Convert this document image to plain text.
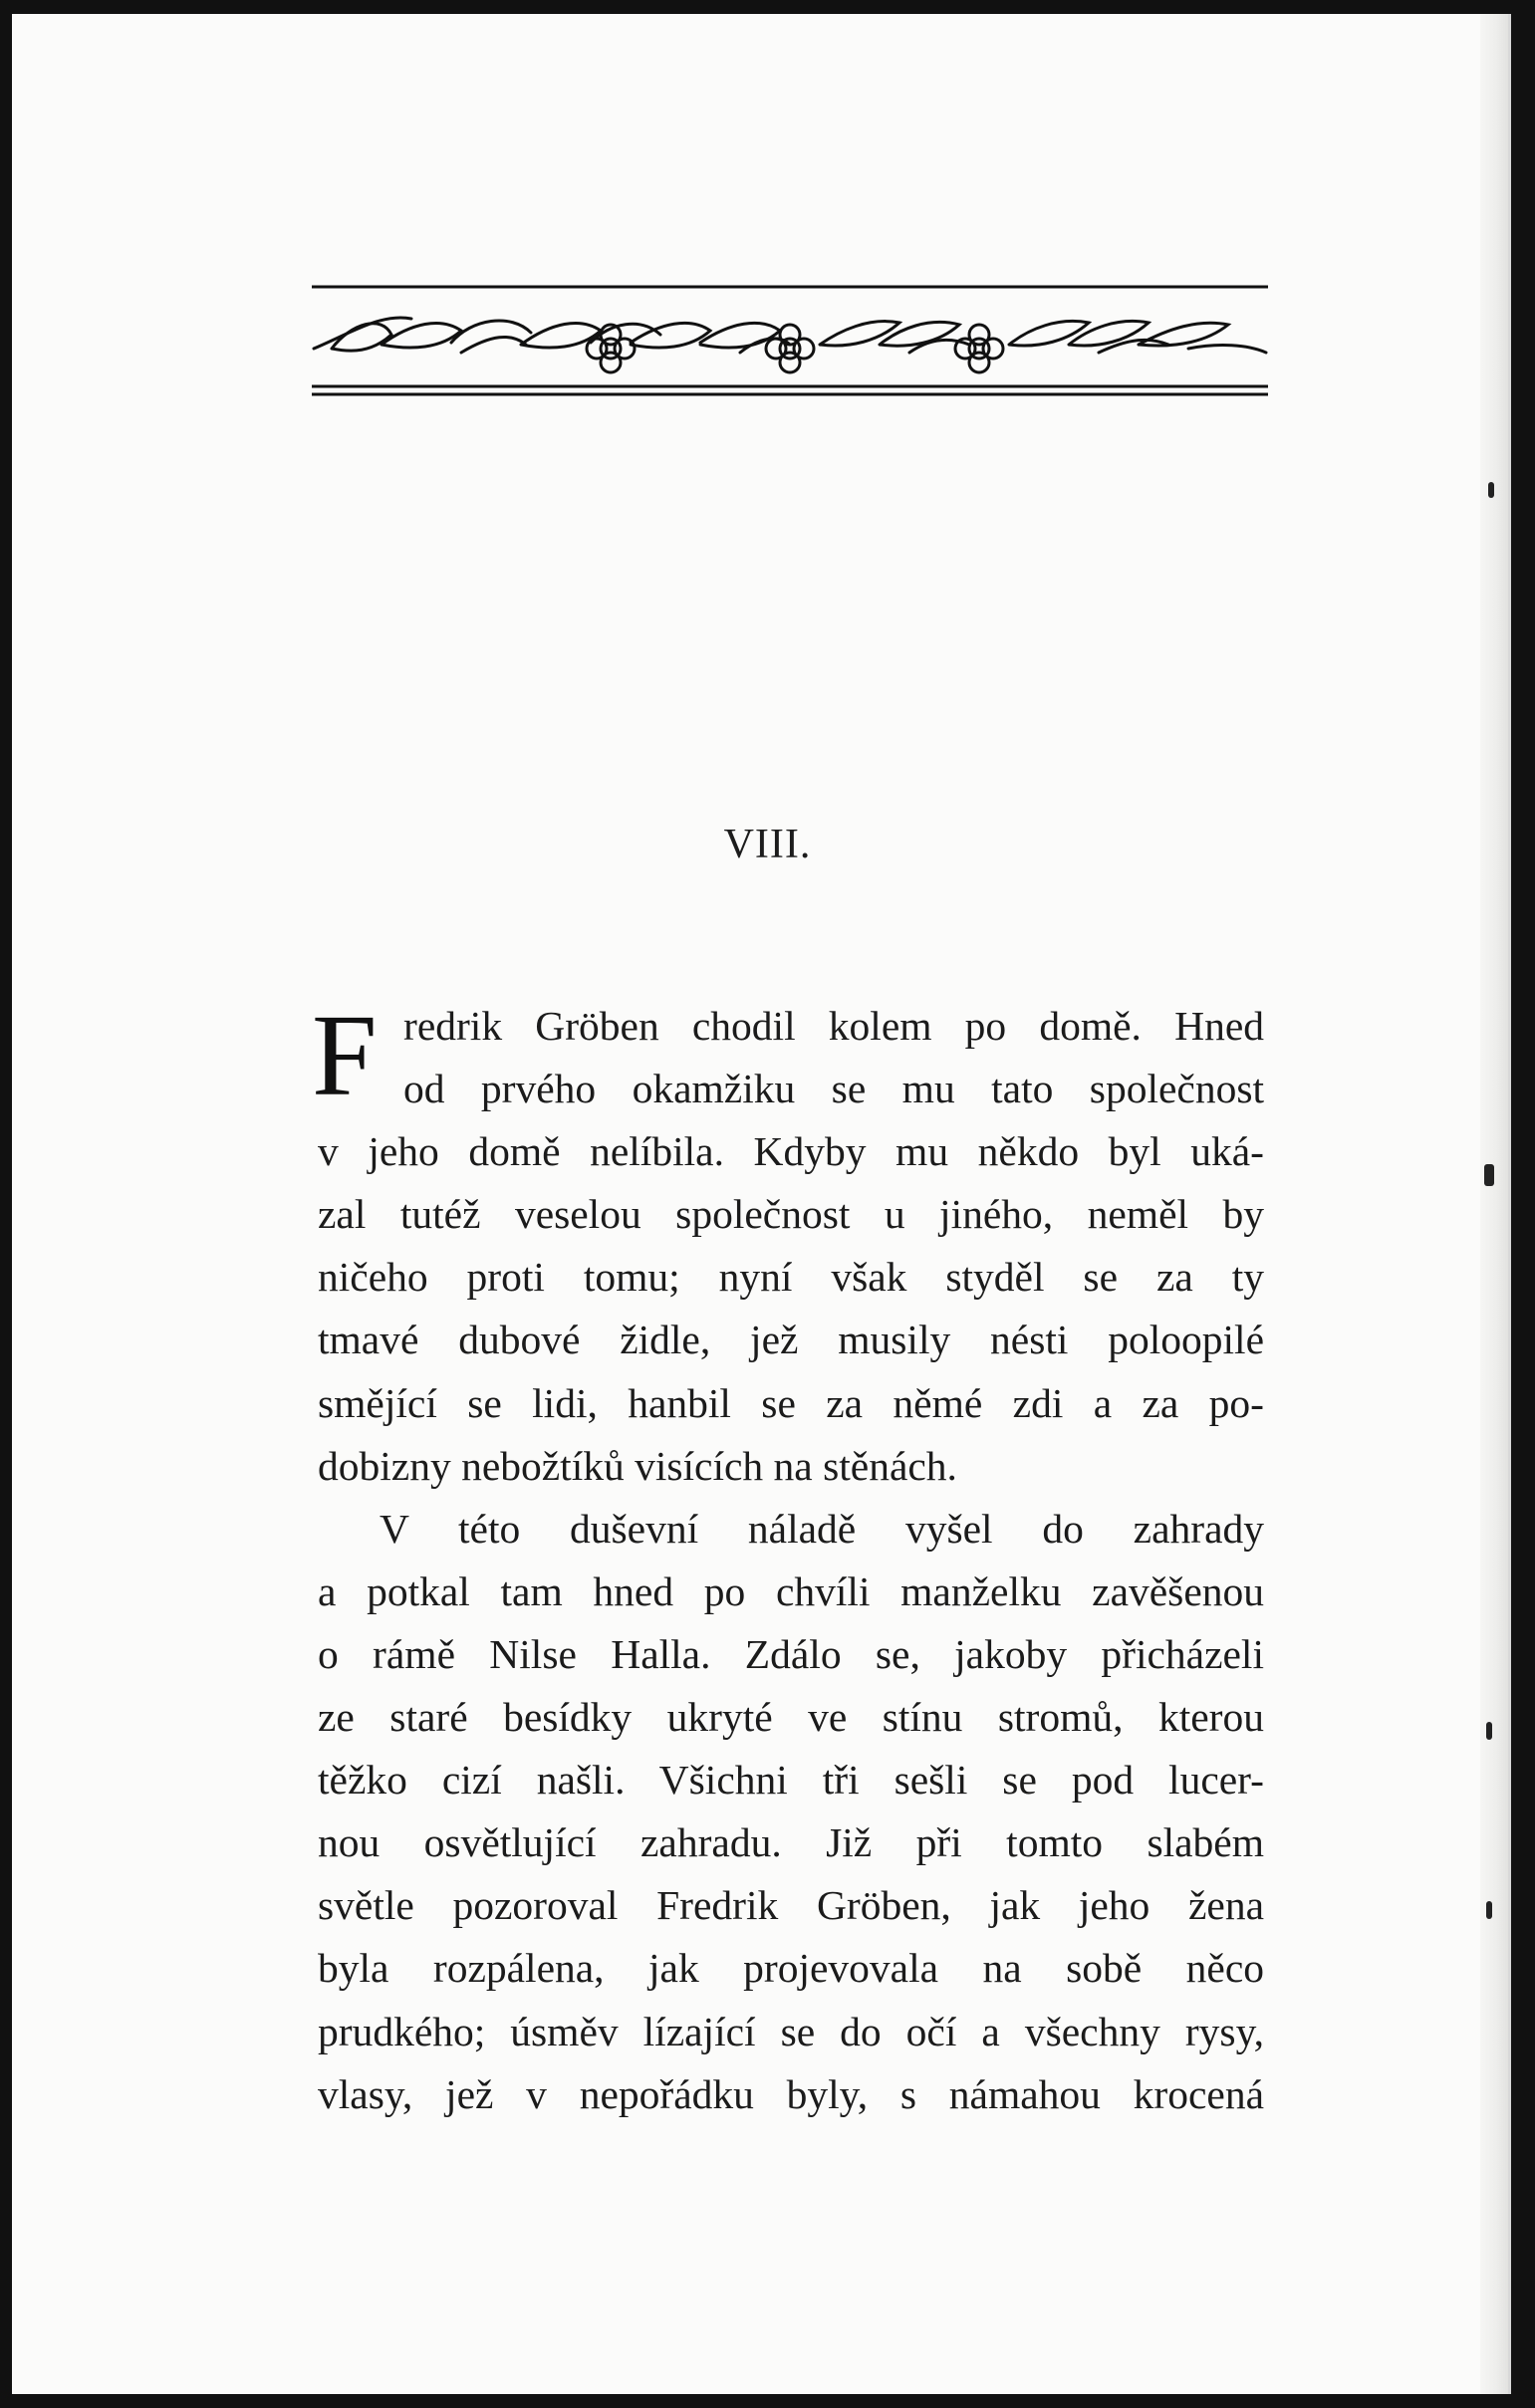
VIII.
F redrik Gröben chodil kolem po domě. Hned
od prvého okamžiku se mu tato společnost
v jeho domě nelíbila. Kdyby mu někdo byl uká-
zal tutéž veselou společnost u jiného, neměl by
ničeho proti tomu; nyní však styděl se za ty
tmavé dubové židle, jež musily nésti poloopilé
smějící se lidi, hanbil se za němé zdi a za po-
dobizny nebožtíků visících na stěnách.
V této duševní náladě vyšel do zahrady
a potkal tam hned po chvíli manželku zavěšenou
o rámě Nilse Halla. Zdálo se, jakoby přicházeli
ze staré besídky ukryté ve stínu stromů, kterou
těžko cizí našli. Všichni tři sešli se pod lucer-
nou osvětlující zahradu. Již při tomto slabém
světle pozoroval Fredrik Gröben, jak jeho žena
byla rozpálena, jak projevovala na sobě něco
prudkého; úsměv lízající se do očí a všechny rysy,
vlasy, jež v nepořádku byly, s námahou krocená
